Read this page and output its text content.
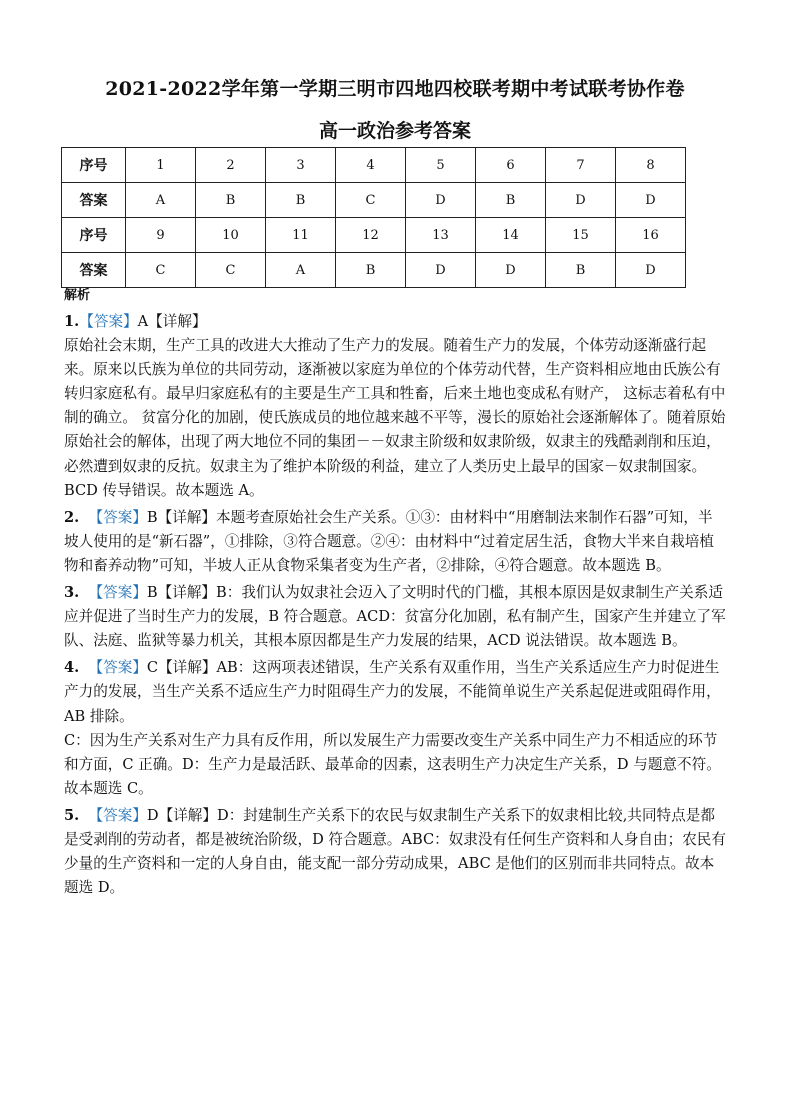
2021-2022学年第一学期三明市四地四校联考期中考试联考协作卷
高一政治参考答案
序号	1	2	3	4	5	6	7	8
答案	A	B	B	C	D	B	D	D
序号	9	10	11	12	13	14	15	16
答案	C	C	A	B	D	D	B	D
解析

1.【答案】A【详解】

原始社会末期，生产工具的改进大大推动了生产力的发展。随着生产力的发展，个体劳动逐渐盛行起来。原来以氏族为单位的共同劳动，逐渐被以家庭为单位的个体劳动代替，生产资料相应地由氏族公有转归家庭私有。最早归家庭私有的主要是生产工具和牲畜，后来土地也变成私有财产， 这标志着私有中制的确立。 贫富分化的加剧，使氏族成员的地位越来越不平等，漫长的原始社会逐渐解体了。随着原始原始社会的解体，出现了两大地位不同的集团－－奴隶主阶级和奴隶阶级，奴隶主的残酷剥削和压迫，必然遭到奴隶的反抗。奴隶主为了维护本阶级的利益，建立了人类历史上最早的国家－奴隶制国家。BCD 传导错误。故本题选 A。

2. 【答案】B【详解】本题考查原始社会生产关系。①③：由材料中“用磨制法来制作石器”可知，半坡人使用的是“新石器”，①排除，③符合题意。②④：由材料中“过着定居生活，食物大半来自栽培植物和畜养动物”可知，半坡人正从食物采集者变为生产者，②排除，④符合题意。故本题选 B。

3. 【答案】B【详解】B：我们认为奴隶社会迈入了文明时代的门槛，其根本原因是奴隶制生产关系适应并促进了当时生产力的发展，B 符合题意。ACD：贫富分化加剧，私有制产生，国家产生并建立了军队、法庭、监狱等暴力机关，其根本原因都是生产力发展的结果，ACD 说法错误。故本题选 B。

4. 【答案】C【详解】AB：这两项表述错误，生产关系有双重作用，当生产关系适应生产力时促进生产力的发展，当生产关系不适应生产力时阻碍生产力的发展，不能简单说生产关系起促进或阻碍作用，AB 排除。

C：因为生产关系对生产力具有反作用，所以发展生产力需要改变生产关系中同生产力不相适应的环节和方面，C 正确。D：生产力是最活跃、最革命的因素，这表明生产力决定生产关系，D 与题意不符。故本题选 C。

5. 【答案】D【详解】D：封建制生产关系下的农民与奴隶制生产关系下的奴隶相比较,共同特点是都是受剥削的劳动者，都是被统治阶级，D 符合题意。ABC：奴隶没有任何生产资料和人身自由；农民有少量的生产资料和一定的人身自由，能支配一部分劳动成果，ABC 是他们的区别而非共同特点。故本题选 D。
